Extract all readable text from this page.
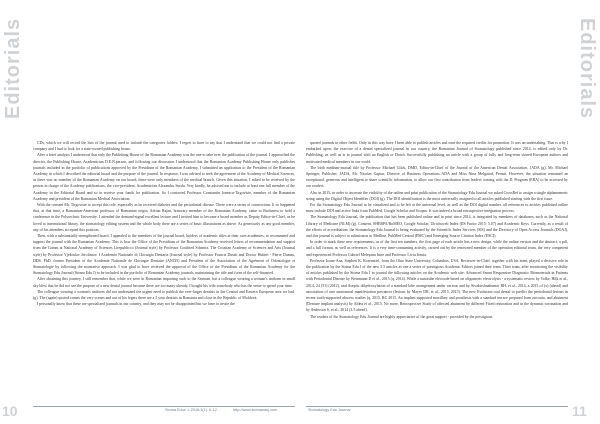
Editorials	Editorials

CDs, which we will record the lists of the journal used to include the categories folders. I regret to have to say that I understand that we could not find a private company and I had to look for a state-owned publishing house.

After a brief analysis I understood that only the Publishing House of the Romanian Academy was the one to take over the publication of the journal. I approached the director, the Publishing House, Academician D.E.N.person, and following our discussion I understood that the Romanian Academy Publishing House only publishes journals included in the portfolio of publications approved by the Presidium of the Romanian Academy. I submitted an application to the President of the Romanian Academy in which I described the editorial board and the purpose of the journal. In response, I was advised to seek the agreement of the Academy of Medical Sciences, as there was no member of the Romanian Academy on our board, there were only members of the medical branch. Given this situation, I asked to be received by the person in charge of the Academy publications, the vice-president, Academician Alexandru Surdu. Very kindly, he advised me to include at least one full member of the Academy in the Editorial Board and so to receive your funds for publication. So I contacted Professor Constantin Ionescu-Tirgoviste, member of the Romanian Academy and president of the Romanian Medical Association.

With the consent Mr. Tirgoviste to accept this role, especially as he received diabetes and the periodontal disease. There were a series of connections. It so happened that, at that time, a Romanian-American professor of Romanian origin, Adrian Rajan, honorary member of the Romanian Academy, came to Bucharest to hold a conference in the Polytechnic University. I attended the demand-signal excellent lecture and I invited him to become a board member as Deputy Editor-in-Chief, as he loved to international library, the stomatology editing system and the whole body there are a series of basic illustrations as above. As generously as any good member, any of his attendees accepted this position.

Then, with a substantially strengthened board, I appealed to the members of the journal board, holders of academic titles at their own academies, to recommend and support the journal with the Romanian Academy. This is how the Office of the Presidium of the Romanian Academy received letters of recommendation and support from the Comm at National Academy of Sciences Ltrepublicco (Journal style) by Professor Gottfried Schmitz. The Croatian Academy of Sciences and Arts (Journal style) by Professor Vjekoslav Jerolimov. I Academia Nationale di Chirurgia Dentaria (Journal style) by Professor Francis Dussit and Doctor Hubert - Pierre Dumas, DDS, PhD, former President of the Academie Nationale de Chirurgie Dentaire (ANCD) and President of the Association of the Agrément of Odontologie et Stomatologie by following the normative approach. I was glad to have received the approval of the Office of the Presidium of the Romanian Academy for the Stomatology Edu Journal (Stoma Edu J) to be included in the portfolio of Romanian Academy journals, maintaining the title and form of the self-financed.

After obtaining this journey, I still remember that, while we were in Romanian importing such to the Savman, but a colleague wearing a woman's uniform in small sky blest that he did not see the purpose of a new dental journal because there are too many already. I bought his wife somebody who has the sense to spend your time.

The colleague wearing a woman's uniform did not understand the urgent need to publish the ever-larger dentists in the Central and Eastern European area we had. (g). The (again) quoted comes the very scenes and out of his legers there are a 5 year dentists in Romania and close in the Republic of Moldova.

I personally know that these are specialized journals in our country, and they may not be disappointed but we have to invite the

quoted journals in other fields. Only in this way have I been able to publish articles and earn the required credits for promotion. It was an undertaking. That is why I embarked upon, the exercise of a dental specialized journal in our country, the Romanian Journal of Stomatology published since 2014, is edited only by Dr. Publishing, as well as is in journal with an English or Dutch. Successfully publishing an article with a group of fully and long-term shared European authors and motivated medical members in our world.

The birth medium-mutual title by Professor Michael Glick, DMD, Editor-in-Chief of the Journal of the American Dental Association, JADA (g), Mr. Michael Springer, Publisher, JADA, Mr. Nicolas Gaptar, Director of Business Operations ADA and Miss Nina Melgaard, Permit. However, the situation remained an exceptional, generous and intelligent to share scientific information, to allow our first contribution from leaders coming with the D. Program (ERA) to be accessed by our readers.

Also in 2015, in order to increase the visibility of the online and print publication of the Stomatology Edu Journal we asked CrossRef to assign a single alphanumeric string using the Digital Object Identifier (DOI) (g). The DOI identification is the most universally assigned to all articles published starting with the first issue.

For the Stomatology Edu Journal to be visualized and to be left at the universal level, as well as the DOI digital number, all references to articles published online must include DOI and active links from PubMed, Google Scholar and Scopus. It was indeed a broad retrospective integration process.

The Stomatology Edu Journal, the publication that has been published online and in print since 2014, is integrated by members of databases, such as the National Library of Medicine (NLM) (g), Consent, SHERPA/RoMEO, Google Scholar, Ulrichsweb Index (IIS Factor 2015: 5.07) and Academic Keys. Currently, as a result of the efforts of accreditation, the Stomatology Edu Journal is being evaluated by the Scientific Index Services (SIS) and the Directory of Open Access Journals (DOAJ), and this journal is subject to submission to Medline, PubMed Central (PMC) and Emerging Source Citation Index (ESCI).

In order to mark these new requirements, as of the first ten numbers, the first page of each article has a new design, while the online version and the abstract, a pdf, and a full format, as well as references. It is a very time-consuming activity, carried out by the renowned member of the operation editorial team, the very competent and experienced Professor Gabriel Meleşanu Imre and Professor Liviu Ionita.

Professor Ioana-Ana, Stephen K. Rosenstiel, from the Ohio State University, Columbus, USA, Reviewer-in-Chief, together with his team, played a decisive role in the publication by the Stoma Edu J of the new 3.5 articles as one a series of prestigious Academic Editors joined their team. Their team, after monitoring the visibility of articles published by the Stoma Edu J in journal the following articles on the Academic web site: Advanced Smart Responsive Diagnostic Biomaterials in Patients with Periodontal Disease by Weinmann D et al., 2015 (q, 2014). While a nanotube electrode based on oligomeric electrolysis - a systematic review by Volke, Hilk et al., 2014, 24 (51) (2012), and Aseptic dihydroxylation of a standard lobe arrangement under various and by Sivakrishnakumar BH, et al., 2014, a 2015 of (x) (ahead) and association of rare anatomical manifestation precancer (lesions by Mayer DR, et al., 2015, 2015). The new Evolution oral dental to predict the periodontal lesions in recent tooth-supported abscess studies (q, 2015, RC 2015, An implant supported maxillary and prosthesis with a standard terrace prepared from zirconia, and abutment (Denture implant analysis) by Aldea et al., 2015. No more, Retrospective Study of affected abutment by different Fixed restoration and in the dynamic coronation and by Anderson S, et al., 2014 (3.5 ahead).

The readers of the Stomatology Edu Journal are highly appreciative of the great support - provided by the prestigious

Stoma Educ J. 2016;3(1): 6-12.	http://www.stomaeduj.com	Stomatology Edu Journal
10	11
